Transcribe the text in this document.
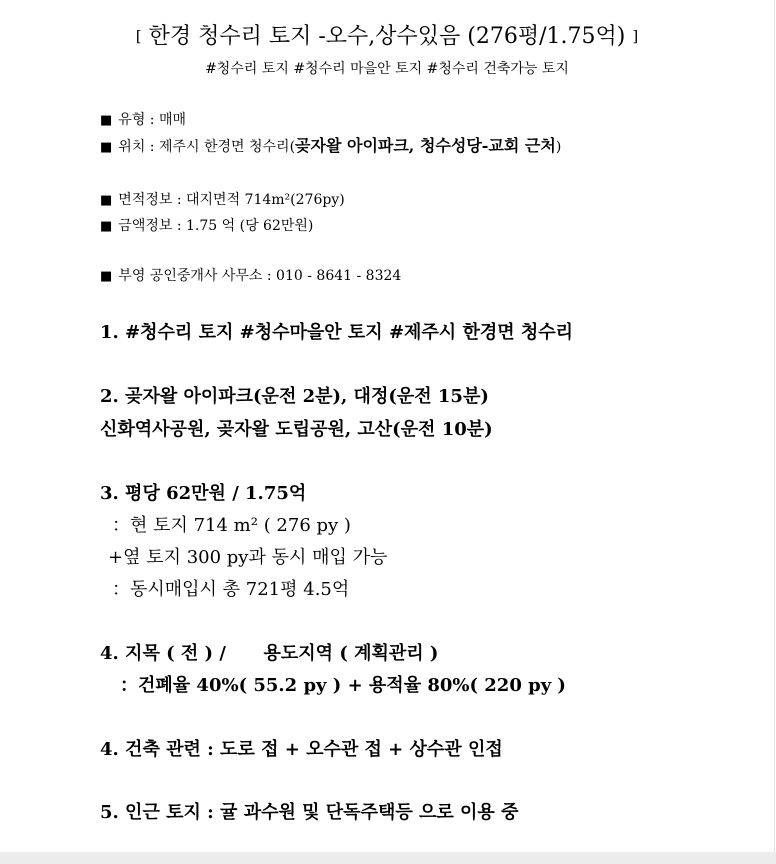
[ 한경 청수리 토지 -오수,상수있음 (276평/1.75억) ]
#청수리 토지 #청수리 마을안 토지 #청수리 건축가능 토지
■ 유형 : 매매
■ 위치 : 제주시 한경면 청수리(곶자왈 아이파크, 청수성당-교회 근처)
■ 면적정보 : 대지면적 714m²(276py)
■ 금액정보 : 1.75 억 (당 62만원)
■ 부영 공인중개사 사무소 : 010 - 8641 - 8324
1. #청수리 토지 #청수마을안 토지 #제주시 한경면 청수리
2. 곶자왈 아이파크(운전 2분), 대정(운전 15분)
신화역사공원, 곶자왈 도립공원, 고산(운전 10분)
3. 평당 62만원 / 1.75억
：현 토지 714 m² ( 276 py )
+옆 토지 300 py과 동시 매입 가능
：동시매입시 총 721평 4.5억
4. 지목 ( 전 ) /      용도지역 ( 계획관리 )
：건폐율 40%( 55.2 py ) + 용적율 80%( 220 py )
4. 건축 관련 : 도로 접 + 오수관 접 + 상수관 인접
5. 인근 토지 : 귤 과수원 및 단독주택등 으로 이용 중
